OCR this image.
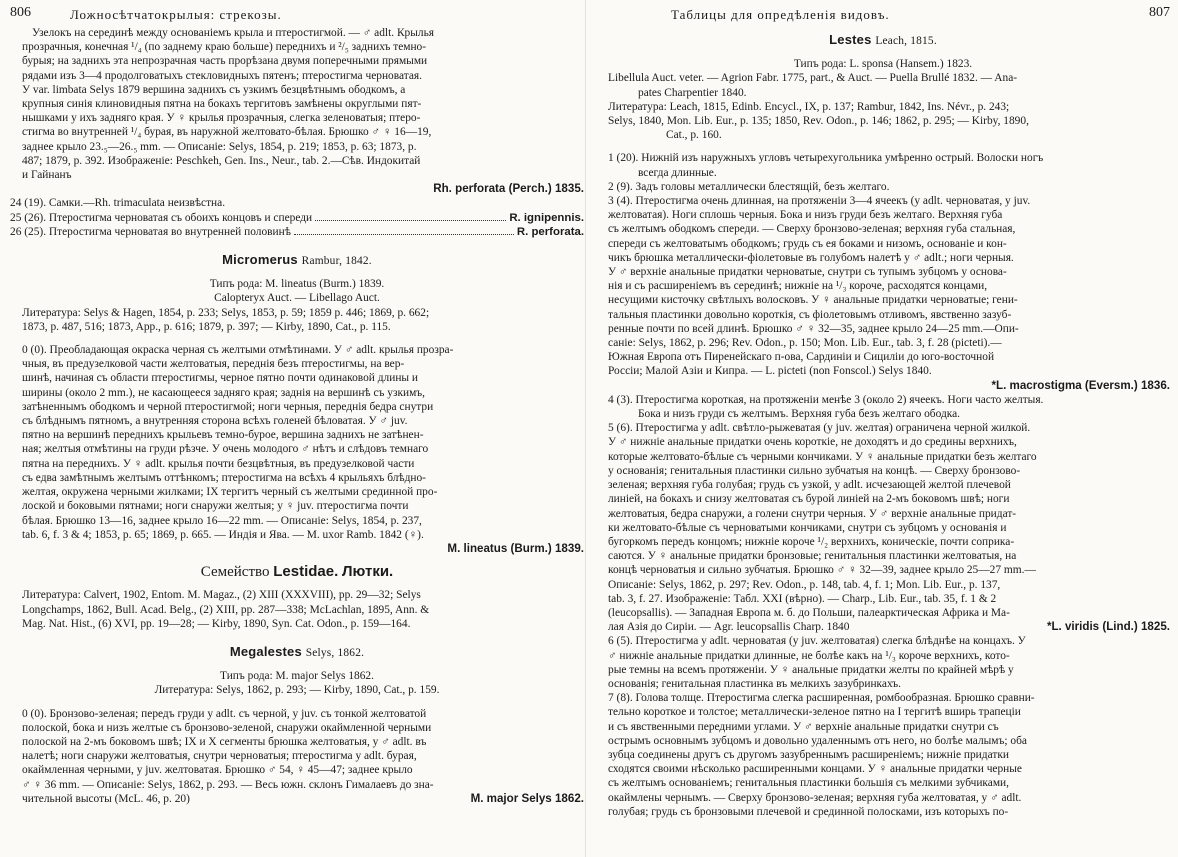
806	Ложносѣтчатокрылыя: стрекозы.
Узелокъ на серединѣ между основаніемъ крыла и птеростигмой. — ♂ adlt. Крылья
прозрачныя, конечная ¹/₄ (по заднему краю больше) переднихъ и ²/₅ заднихъ темно-
бурыя; на заднихъ эта непрозрачная часть прорѣзана двумя поперечными прямыми
рядами изъ 3—4 продолговатыхъ стекловидныхъ пятенъ; птеростигма черноватая.
У var. limbata Selys 1879 вершина заднихъ съ узкимъ безцвѣтнымъ ободкомъ, а
крупныя синія клиновидныя пятна на бокахъ тергитовъ замѣнены округлыми пят-
нышками у ихъ задняго края. У ♀ крылья прозрачныя, слегка зеленоватыя; птеро-
стигма во внутренней ¹/₄ бурая, въ наружной желтовато-бѣлая. Брюшко ♂ ♀ 16—19,
заднее крыло 23.₅—26.₅ mm. — Описаніе: Selys, 1854, p. 219; 1853, p. 63; 1873, p.
487; 1879, p. 392. Изображеніе: Peschkeh, Gen. Ins., Neur., tab. 2.—Сѣв. Индокитай
и Гайнанъ
Rh. perforata (Perch.) 1835.
24 (19). Самки.—Rh. trimaculata неизвѣстна.
25 (26). Птеростигма черноватая съ обоихъ концовъ и спереди	R. ignipennis.
26 (25). Птеростигма черноватая во внутренней половинѣ	R. perforata.
Micromerus Rambur, 1842.
Типъ рода: M. lineatus (Burm.) 1839.
Calopteryx Auct. — Libellago Auct.
Литература: Selys & Hagen, 1854, p. 233; Selys, 1853, p. 59; 1859 p. 446; 1869, p. 662;
1873, p. 487, 516; 1873, App., p. 616; 1879, p. 397; — Kirby, 1890, Cat., p. 115.
0 (0). Преобладающая окраска черная съ желтыми отмѣтинами. У ♂ adlt. крылья прозра-
чныя, въ предузелковой части желтоватыя, переднія безъ птеростигмы, на вер-
шинѣ, начиная съ области птеростигмы, черное пятно почти одинаковой длины и
ширины (около 2 mm.), не касающееся задняго края; заднія на вершинѣ съ узкимъ,
затѣненнымъ ободкомъ и черной птеростигмой; ноги черныя, переднія бедра снутри
съ блѣднымъ пятномъ, а внутренняя сторона всѣхъ голеней бѣловатая. У ♂ juv.
пятно на вершинѣ переднихъ крыльевъ темно-бурое, вершина заднихъ не затѣнен-
ная; желтыя отмѣтины на груди рѣзче. У очень молодого ♂ нѣтъ и слѣдовъ темнаго
пятна на переднихъ. У ♀ adlt. крылья почти безцвѣтныя, въ предузелковой части
съ едва замѣтнымъ желтымъ оттѣнкомъ; птеростигма на всѣхъ 4 крыльяхъ блѣдно-
желтая, окружена черными жилками; IX тергитъ черный съ желтыми срединной про-
лоской и боковыми пятнами; ноги снаружи желтыя; у ♀ juv. птеростигма почти
бѣлая. Брюшко 13—16, заднее крыло 16—22 mm. — Описаніе: Selys, 1854, p. 237,
tab. 6, f. 3 & 4; 1853, p. 65; 1869, p. 665. — Индія и Ява. — M. uxor Ramb. 1842 (♀).
M. lineatus (Burm.) 1839.
Семейство Lestidae. Лютки.
Литература: Calvert, 1902, Entom. M. Magaz., (2) XIII (XXXVIII), pp. 29—32; Selys
Longchamps, 1862, Bull. Acad. Belg., (2) XIII, pp. 287—338; McLachlan, 1895, Ann. &
Mag. Nat. Hist., (6) XVI, pp. 19—28; — Kirby, 1890, Syn. Cat. Odon., p. 159—164.
Megalestes Selys, 1862.
Типъ рода: M. major Selys 1862.
Литература: Selys, 1862, p. 293; — Kirby, 1890, Cat., p. 159.
0 (0). Бронзово-зеленая; передъ груди у adlt. съ черной, у juv. съ тонкой желтоватой
полоской, бока и низъ желтые съ бронзово-зеленой, снаружи окаймленной черными
полоской на 2-мъ боковомъ швѣ; IX и X сегменты брюшка желтоватыя, у ♂ adlt. въ
налетѣ; ноги снаружи желтоватыя, снутри черноватыя; птеростигма у adlt. бурая,
окаймленная черными, у juv. желтоватая. Брюшко ♂ 54, ♀ 45—47; заднее крыло
♂ ♀ 36 mm. — Описаніе: Selys, 1862, p. 293. — Весь южн. склонъ Гималаевъ до зна-
чительной высоты (McL. 46, p. 20)	M. major Selys 1862.
Таблицы для опредѣленія видовъ.	807
Lestes Leach, 1815.
Типъ рода: L. sponsa (Hansem.) 1823.
Libellula Auct. veter. — Agrion Fabr. 1775, part., & Auct. — Puella Brullé 1832. — Ana-
pates Charpentier 1840.
Литература: Leach, 1815, Edinb. Encycl., IX, p. 137; Rambur, 1842, Ins. Névr., p. 243;
Selys, 1840, Mon. Lib. Eur., p. 135; 1850, Rev. Odon., p. 146; 1862, p. 295; — Kirby, 1890,
Cat., p. 160.
1 (20). Нижній изъ наружныхъ угловъ четырехугольника умѣренно острый. Волоски ногъ
всегда длинные.
2 (9). Задъ головы металлически блестящій, безъ желтаго.
3 (4). Птеростигма очень длинная, на протяженіи 3—4 ячеекъ (у adlt. черноватая, у juv.
желтоватая). Ноги сплошь черныя. Бока и низъ груди безъ желтаго. Верхняя губа
съ желтымъ ободкомъ спереди. — Сверху бронзово-зеленая; верхняя губа стальная,
спереди съ желтоватымъ ободкомъ; грудь съ ея боками и низомъ, основаніе и кон-
чикъ брюшка металлически-фіолетовые въ голубомъ налетѣ у ♂ adlt.; ноги черныя.
У ♂ верхніе анальные придатки черноватые, снутри съ тупымъ зубцомъ у основа-
нія и съ расширеніемъ въ серединѣ; нижніе на ¹/₃ короче, расходятся концами,
несущими кисточку свѣтлыхъ волосковъ. У ♀ анальные придатки черноватые; гени-
тальныя пластинки довольно короткія, съ фіолетовымъ отливомъ, явственно зазуб-
ренные почти по всей длинѣ. Брюшко ♂ ♀ 32—35, заднее крыло 24—25 mm.—Опи-
саніе: Selys, 1862, p. 296; Rev. Odon., p. 150; Mon. Lib. Eur., tab. 3, f. 28 (picteti).—
Южная Европа отъ Пиренейскаго п-ова, Сардиніи и Сициліи до юго-восточной
Россіи; Малой Азіи и Кипра. — L. picteti (non Fonscol.) Selys 1840.
*L. macrostigma (Eversm.) 1836.
4 (3). Птеростигма короткая, на протяженіи менѣе 3 (около 2) ячеекъ. Ноги часто желтыя.
Бока и низъ груди съ желтымъ. Верхняя губа безъ желтаго ободка.
5 (6). Птеростигма у adlt. свѣтло-рыжеватая (у juv. желтая) ограничена черной жилкой.
У ♂ нижніе анальные придатки очень короткіе, не доходятъ и до средины верхнихъ,
которые желтовато-бѣлые съ черными кончиками. У ♀ анальные придатки безъ желтаго
у основанія; генитальныя пластинки сильно зубчатыя на концѣ. — Сверху бронзово-
зеленая; верхняя губа голубая; грудь съ узкой, у adlt. исчезающей желтой плечевой
линіей, на бокахъ и снизу желтоватая съ бурой линіей на 2-мъ боковомъ швѣ; ноги
желтоватыя, бедра снаружи, а голени снутри черныя. У ♂ верхніе анальные придат-
ки желтовато-бѣлые съ черноватыми кончиками, снутри съ зубцомъ у основанія и
бугоркомъ передъ концомъ; нижніе короче ¹/₂ верхнихъ, коническіе, почти соприка-
саются. У ♀ анальные придатки бронзовые; генитальныя пластинки желтоватыя, на
концѣ черноватыя и сильно зубчатыя. Брюшко ♂ ♀ 32—39, заднее крыло 25—27 mm.—
Описаніе: Selys, 1862, p. 297; Rev. Odon., p. 148, tab. 4, f. 1; Mon. Lib. Eur., p. 137,
tab. 3, f. 27. Изображеніе: Табл. XXI (вѣрно). — Charp., Lib. Eur., tab. 35, f. 1 & 2
(leucopsallis). — Западная Европа м. б. до Польши, палеарктическая Африка и Ма-
лая Азія до Сиріи. — Agr. leucopsallis Charp. 1840	*L. viridis (Lind.) 1825.
6 (5). Птеростигма у adlt. черноватая (у juv. желтоватая) слегка блѣднѣе на концахъ. У
♂ нижніе анальные придатки длинные, не болѣе какъ на ¹/₃ короче верхнихъ, кото-
рые темны на всемъ протяженіи. У ♀ анальные придатки желты по крайней мѣрѣ у
основанія; генитальная пластинка въ мелкихъ зазубринкахъ.
7 (8). Голова толще. Птеростигма слегка расширенная, ромбообразная. Брюшко сравни-
тельно короткое и толстое; металлически-зеленое пятно на I тергитѣ вширь трапеціи
и съ явственными передними углами. У ♂ верхніе анальные придатки снутри съ
острымъ основнымъ зубцомъ и довольно удаленнымъ отъ него, но болѣе малымъ; оба
зубца соединены другъ съ другомъ зазубреннымъ расширеніемъ; нижніе придатки
сходятся своими нѣсколько расширенными концами. У ♀ анальные придатки черные
съ желтымъ основаніемъ; генитальныя пластинки большія съ мелкими зубчиками,
окаймлены чернымъ. — Сверху бронзово-зеленая; верхняя губа желтоватая, у ♂ adlt.
голубая; грудь съ бронзовыми плечевой и срединной полосками, изъ которыхъ по-
